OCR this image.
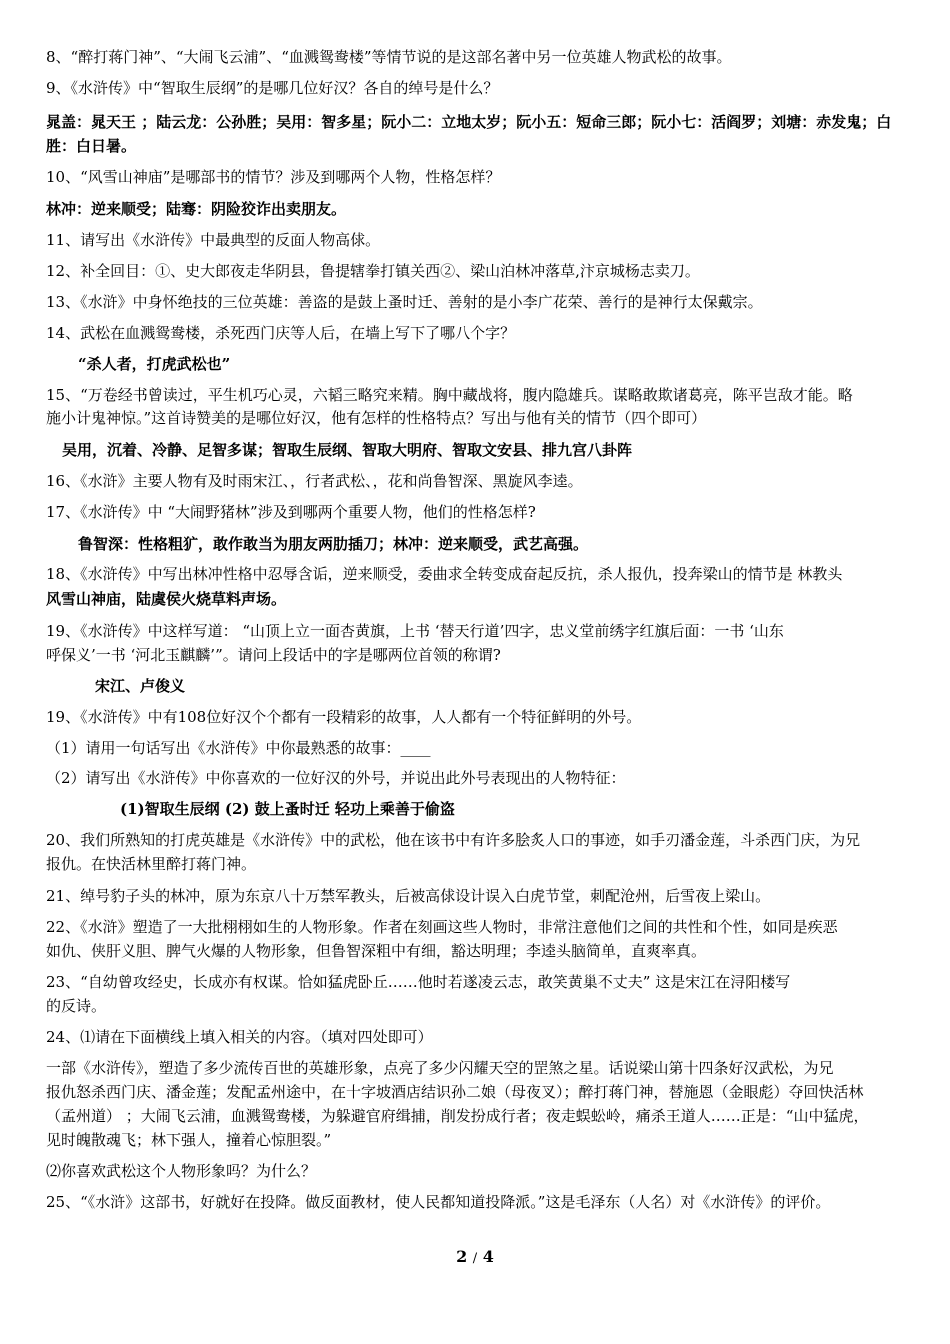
8、“醉打蒋门神”、“大闹飞云浦”、“血溅鸳鸯楼”等情节说的是这部名著中另一位英雄人物武松的故事。
9、《水浒传》中“智取生辰纲”的是哪几位好汉？各自的绰号是什么？
晁盖：晁天王 ；陆云龙：公孙胜；吴用：智多星；阮小二：立地太岁；阮小五：短命三郎；阮小七：活阎罗；刘塘：赤发鬼；白
胜：白日暑。
10、“风雪山神庙”是哪部书的情节？涉及到哪两个人物，性格怎样？
林冲：逆来顺受；陆骞：阴险狡诈出卖朋友。
11、请写出《水浒传》中最典型的反面人物高俅。
12、补全回目：①、史大郎夜走华阴县，鲁提辖拳打镇关西②、梁山泊林冲落草,汴京城杨志卖刀。
13、《水浒》中身怀绝技的三位英雄：善盗的是鼓上蚤时迁、善射的是小李广花荣、善行的是神行太保戴宗。
14、武松在血溅鸳鸯楼，杀死西门庆等人后，在墙上写下了哪八个字？
“杀人者，打虎武松也”
15、“万卷经书曾读过，平生机巧心灵，六韬三略究来精。胸中藏战将，腹内隐雄兵。谋略敢欺诸葛亮，陈平岂敌才能。略
施小计鬼神惊。”这首诗赞美的是哪位好汉，他有怎样的性格特点？写出与他有关的情节（四个即可）
吴用，沉着、冷静、足智多谋；智取生辰纲、智取大明府、智取文安县、排九宫八卦阵
16、《水浒》主要人物有及时雨宋江、，行者武松、，花和尚鲁智深、黑旋风李逵。
17、《水浒传》中 “大闹野猪林”涉及到哪两个重要人物，他们的性格怎样?
鲁智深：性格粗犷，敢作敢当为朋友两肋插刀；林冲：逆来顺受，武艺高强。
18、《水浒传》中写出林冲性格中忍辱含诟，逆来顺受，委曲求全转变成奋起反抗，杀人报仇，投奔梁山的情节是 林教头
风雪山神庙，陆虞侯火烧草料声场。
19、《水浒传》中这样写道： “山顶上立一面杏黄旗，上书 ‘替天行道’四字，忠义堂前绣字红旗后面：一书 ‘山东
呼保义’一书 ‘河北玉麒麟’”。请问上段话中的字是哪两位首领的称谓?
宋江、卢俊义
19、《水浒传》中有108位好汉个个都有一段精彩的故事，人人都有一个特征鲜明的外号。
（1）请用一句话写出《水浒传》中你最熟悉的故事：____
（2）请写出《水浒传》中你喜欢的一位好汉的外号，并说出此外号表现出的人物特征：
(1)智取生辰纲 (2) 鼓上蚤时迁 轻功上乘善于偷盗
20、我们所熟知的打虎英雄是《水浒传》中的武松，他在该书中有许多脍炙人口的事迹，如手刃潘金莲，斗杀西门庆，为兄
报仇。在快活林里醉打蒋门神。
21、绰号豹子头的林冲，原为东京八十万禁军教头，后被高俅设计误入白虎节堂，刺配沧州，后雪夜上梁山。
22、《水浒》塑造了一大批栩栩如生的人物形象。作者在刻画这些人物时，非常注意他们之间的共性和个性，如同是疾恶
如仇、侠肝义胆、脾气火爆的人物形象，但鲁智深粗中有细，豁达明理；李逵头脑简单，直爽率真。
23、“自幼曾攻经史，长成亦有权谋。恰如猛虎卧丘……他时若遂凌云志，敢笑黄巢不丈夫” 这是宋江在浔阳楼写
的反诗。
24、⑴请在下面横线上填入相关的内容。（填对四处即可）
一部《水浒传》，塑造了多少流传百世的英雄形象，点亮了多少闪耀天空的罡煞之星。话说梁山第十四条好汉武松，为兄
报仇怒杀西门庆、潘金莲；发配孟州途中，在十字坡酒店结识孙二娘（母夜叉）；醉打蒋门神，替施恩（金眼彪）夺回快活林
（孟州道） ；大闹飞云浦，血溅鸳鸯楼，为躲避官府缉捕，削发扮成行者；夜走蜈蚣岭，痛杀王道人……正是：“山中猛虎，
见时魄散魂飞；林下强人，撞着心惊胆裂。”
⑵你喜欢武松这个人物形象吗？为什么？
25、“《水浒》这部书，好就好在投降。做反面教材，使人民都知道投降派。”这是毛泽东（人名）对《水浒传》的评价。
2 / 4
